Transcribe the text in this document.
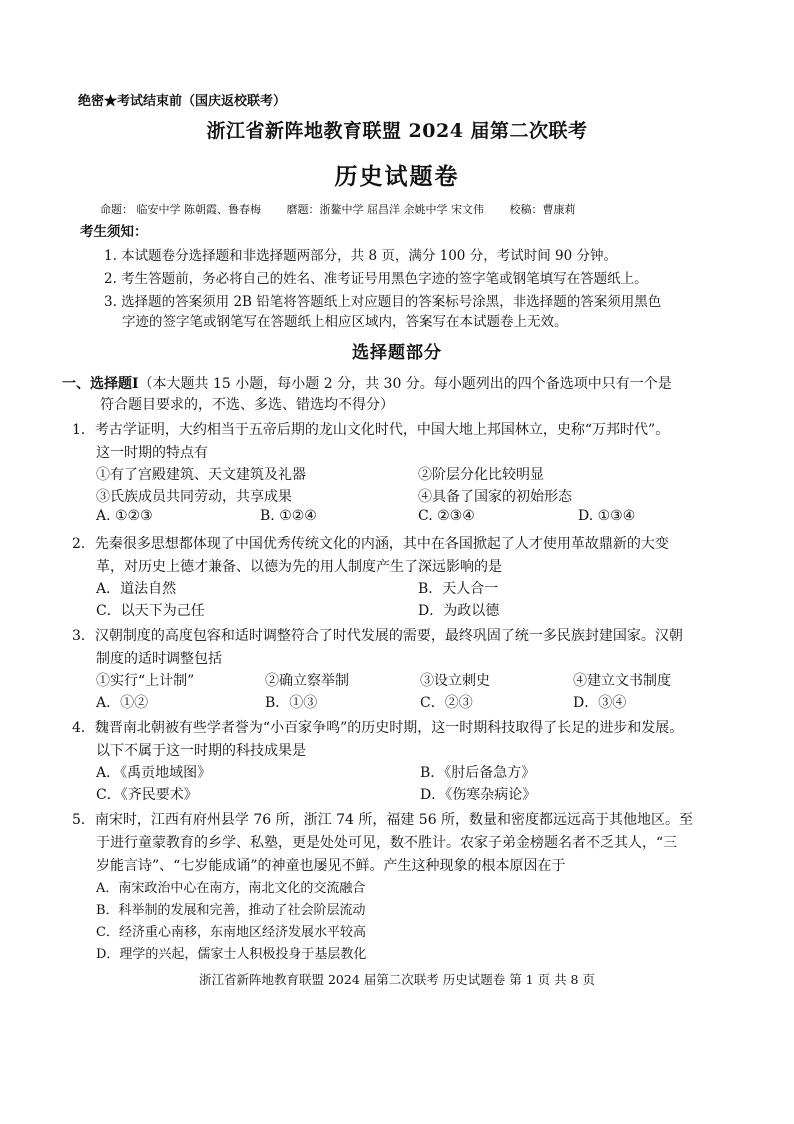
绝密★考试结束前（国庆返校联考）
浙江省新阵地教育联盟 2024 届第二次联考
历史试题卷
命题： 临安中学 陈朝霞、鲁春梅 磨题：浙鳌中学 屈昌洋 余姚中学 宋文伟 校稿：曹康莉
考生须知：
1. 本试题卷分选择题和非选择题两部分，共 8 页，满分 100 分，考试时间 90 分钟。
2. 考生答题前，务必将自己的姓名、准考证号用黑色字迹的签字笔或钢笔填写在答题纸上。
3. 选择题的答案须用 2B 铅笔将答题纸上对应题目的答案标号涂黑，非选择题的答案须用黑色
字迹的签字笔或钢笔写在答题纸上相应区域内，答案写在本试题卷上无效。
选择题部分
一、选择题Ⅰ（本大题共 15 小题，每小题 2 分，共 30 分。每小题列出的四个备选项中只有一个是
符合题目要求的，不选、多选、错选均不得分）
1．考古学证明，大约相当于五帝后期的龙山文化时代，中国大地上邦国林立，史称“万邦时代”。
这一时期的特点有
①有了宫殿建筑、天文建筑及礼器	②阶层分化比较明显
③氏族成员共同劳动，共享成果	④具备了国家的初始形态
A. ①②③	B. ①②④	C. ②③④	D. ①③④
2．先秦很多思想都体现了中国优秀传统文化的内涵，其中在各国掀起了人才使用革故鼎新的大变
革，对历史上德才兼备、以德为先的用人制度产生了深远影响的是
A．道法自然	B．天人合一
C．以天下为己任	D．为政以德
3．汉朝制度的高度包容和适时调整符合了时代发展的需要，最终巩固了统一多民族封建国家。汉朝
制度的适时调整包括
①实行“上计制”	②确立察举制	③设立刺史	④建立文书制度
A．①②	B．①③	C．②③	D．③④
4．魏晋南北朝被有些学者誉为“小百家争鸣”的历史时期，这一时期科技取得了长足的进步和发展。
以下不属于这一时期的科技成果是
A．《禹贡地域图》	B．《肘后备急方》
C．《齐民要术》	D．《伤寒杂病论》
5．南宋时，江西有府州县学 76 所，浙江 74 所，福建 56 所，数量和密度都远远高于其他地区。至
于进行童蒙教育的乡学、私塾，更是处处可见，数不胜计。农家子弟金榜题名者不乏其人，“三
岁能言诗”、“七岁能成诵”的神童也屡见不鲜。产生这种现象的根本原因在于
A．南宋政治中心在南方，南北文化的交流融合
B．科举制的发展和完善，推动了社会阶层流动
C．经济重心南移，东南地区经济发展水平较高
D．理学的兴起，儒家士人积极投身于基层教化
浙江省新阵地教育联盟 2024 届第二次联考 历史试题卷 第 1 页 共 8 页
